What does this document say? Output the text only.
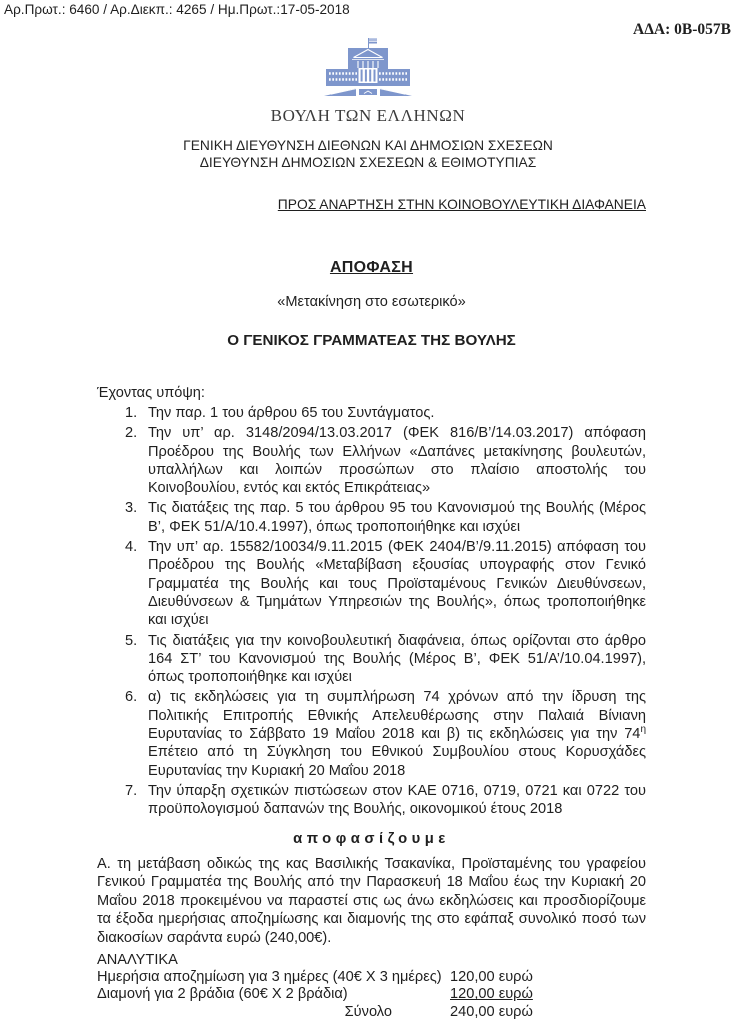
Αρ.Πρωτ.: 6460 / Αρ.Διεκπ.: 4265 / Ημ.Πρωτ.:17-05-2018
ΑΔΑ: 0Β-057Β
ΒΟΥΛΗ ΤΩΝ ΕΛΛΗΝΩΝ
ΓΕΝΙΚΗ ΔΙΕΥΘΥΝΣΗ ΔΙΕΘΝΩΝ ΚΑΙ ΔΗΜΟΣΙΩΝ ΣΧΕΣΕΩΝ
ΔΙΕΥΘΥΝΣΗ ΔΗΜΟΣΙΩΝ ΣΧΕΣΕΩΝ & ΕΘΙΜΟΤΥΠΙΑΣ
ΠΡΟΣ ΑΝΑΡΤΗΣΗ ΣΤΗΝ ΚΟΙΝΟΒΟΥΛΕΥΤΙΚΗ ΔΙΑΦΑΝΕΙΑ
ΑΠΟΦΑΣΗ
«Μετακίνηση στο εσωτερικό»
Ο ΓΕΝΙΚΟΣ ΓΡΑΜΜΑΤΕΑΣ ΤΗΣ ΒΟΥΛΗΣ
Έχοντας υπόψη:
Την παρ. 1 του άρθρου 65 του Συντάγματος.
Την υπ’ αρ. 3148/2094/13.03.2017 (ΦΕΚ 816/Β’/14.03.2017) απόφαση Προέδρου της Βουλής των Ελλήνων «Δαπάνες μετακίνησης βουλευτών, υπαλλήλων και λοιπών προσώπων στο πλαίσιο αποστολής του Κοινοβουλίου, εντός και εκτός Επικράτειας»
Τις διατάξεις της παρ. 5 του άρθρου 95 του Κανονισμού της Βουλής (Μέρος Β’, ΦΕΚ 51/Α/10.4.1997), όπως τροποποιήθηκε και ισχύει
Την υπ’ αρ. 15582/10034/9.11.2015 (ΦΕΚ 2404/Β’/9.11.2015) απόφαση του Προέδρου της Βουλής «Μεταβίβαση εξουσίας υπογραφής στον Γενικό Γραμματέα της Βουλής και τους Προϊσταμένους Γενικών Διευθύνσεων, Διευθύνσεων & Τμημάτων Υπηρεσιών της Βουλής», όπως τροποποιήθηκε και ισχύει
Τις διατάξεις για την κοινοβουλευτική διαφάνεια, όπως ορίζονται στο άρθρο 164 ΣΤ’ του Κανονισμού της Βουλής (Μέρος Β’, ΦΕΚ 51/Α’/10.04.1997), όπως τροποποιήθηκε και ισχύει
α) τις εκδηλώσεις για τη συμπλήρωση 74 χρόνων από την ίδρυση της Πολιτικής Επιτροπής Εθνικής Απελευθέρωσης στην Παλαιά Βίνιανη Ευρυτανίας το Σάββατο 19 Μαΐου 2018 και β) τις εκδηλώσεις για την $74^\eta$ Επέτειο από τη Σύγκληση του Εθνικού Συμβουλίου στους Κορυσχάδες Ευρυτανίας την Κυριακή 20 Μαΐου 2018
Την ύπαρξη σχετικών πιστώσεων στον ΚΑΕ 0716, 0719, 0721 και 0722 του προϋπολογισμού δαπανών της Βουλής, οικονομικού έτους 2018
αποφασίζουμε
Α. τη μετάβαση οδικώς της κας Βασιλικής Τσακανίκα, Προϊσταμένης του γραφείου Γενικού Γραμματέα της Βουλής από την Παρασκευή 18 Μαΐου έως την Κυριακή 20 Μαΐου 2018 προκειμένου να παραστεί στις ως άνω εκδηλώσεις και προσδιορίζουμε τα έξοδα ημερήσιας αποζημίωσης και διαμονής της στο εφάπαξ συνολικό ποσό των διακοσίων σαράντα ευρώ (240,00€).
ΑΝΑΛΥΤΙΚΑ
Ημερήσια αποζημίωση για 3 ημέρες (40€ Χ 3 ημέρες) 120,00 ευρώ
Διαμονή για 2 βράδια (60€ Χ 2 βράδια)	120,00 ευρώ
Σύνολο	240,00 ευρώ
